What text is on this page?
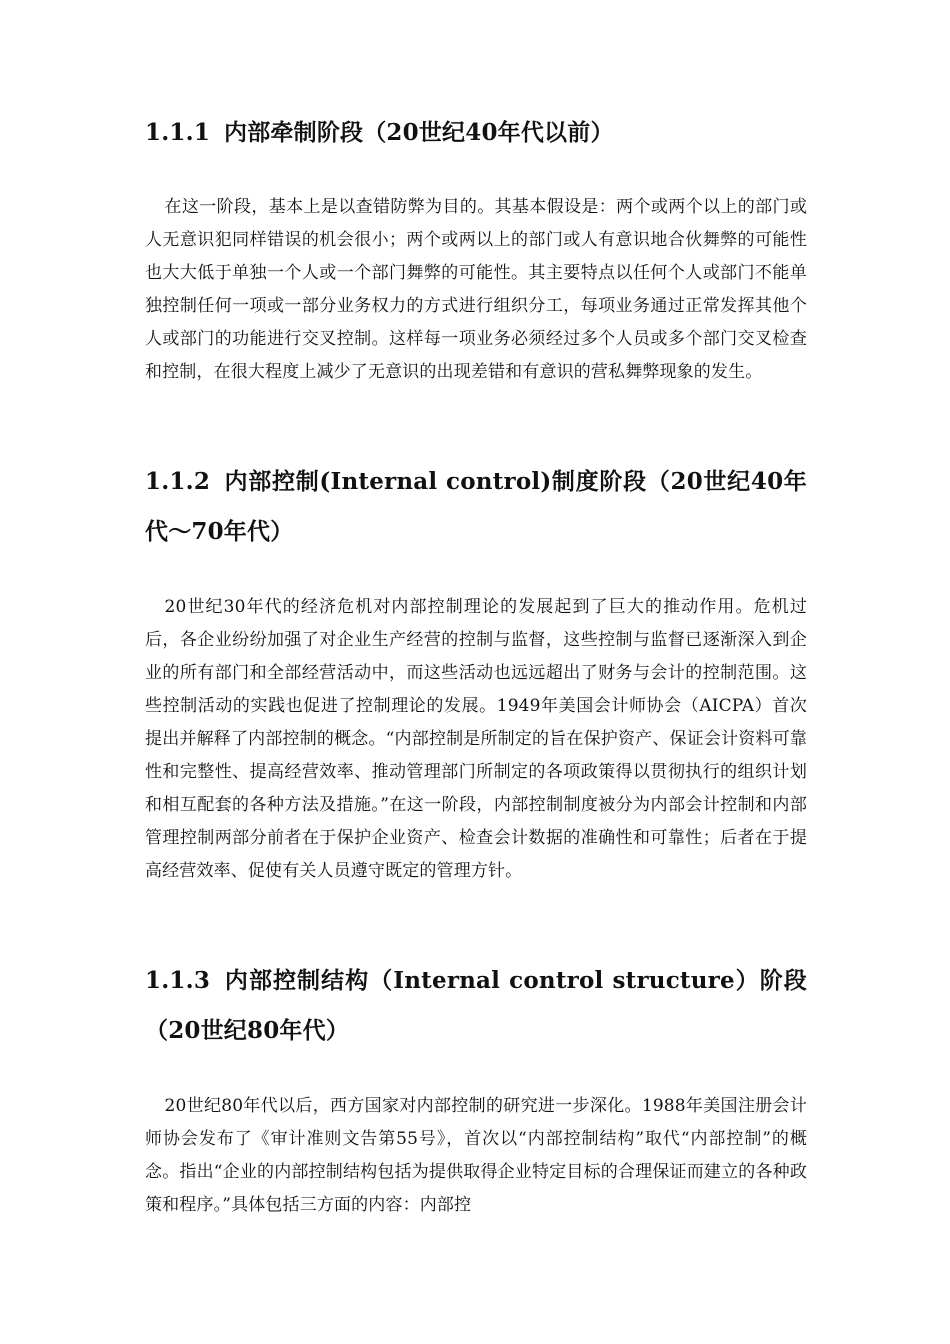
1.1.1 内部牵制阶段（20世纪40年代以前）

在这一阶段，基本上是以查错防弊为目的。其基本假设是：两个或两个以上的部门或人无意识犯同样错误的机会很小；两个或两以上的部门或人有意识地合伙舞弊的可能性也大大低于单独一个人或一个部门舞弊的可能性。其主要特点以任何个人或部门不能单独控制任何一项或一部分业务权力的方式进行组织分工，每项业务通过正常发挥其他个人或部门的功能进行交叉控制。这样每一项业务必须经过多个人员或多个部门交叉检查和控制，在很大程度上减少了无意识的出现差错和有意识的营私舞弊现象的发生。

1.1.2 内部控制(Internal control)制度阶段（20世纪40年代～70年代）

20世纪30年代的经济危机对内部控制理论的发展起到了巨大的推动作用。危机过后，各企业纷纷加强了对企业生产经营的控制与监督，这些控制与监督已逐渐深入到企业的所有部门和全部经营活动中，而这些活动也远远超出了财务与会计的控制范围。这些控制活动的实践也促进了控制理论的发展。1949年美国会计师协会（AICPA）首次提出并解释了内部控制的概念。“内部控制是所制定的旨在保护资产、保证会计资料可靠性和完整性、提高经营效率、推动管理部门所制定的各项政策得以贯彻执行的组织计划和相互配套的各种方法及措施。”在这一阶段，内部控制制度被分为内部会计控制和内部管理控制两部分前者在于保护企业资产、检查会计数据的准确性和可靠性；后者在于提高经营效率、促使有关人员遵守既定的管理方针。

1.1.3 内部控制结构（Internal control structure）阶段（20世纪80年代）

20世纪80年代以后，西方国家对内部控制的研究进一步深化。1988年美国注册会计师协会发布了《审计准则文告第55号》，首次以“内部控制结构”取代“内部控制”的概念。指出“企业的内部控制结构包括为提供取得企业特定目标的合理保证而建立的各种政策和程序。”具体包括三方面的内容：内部控
